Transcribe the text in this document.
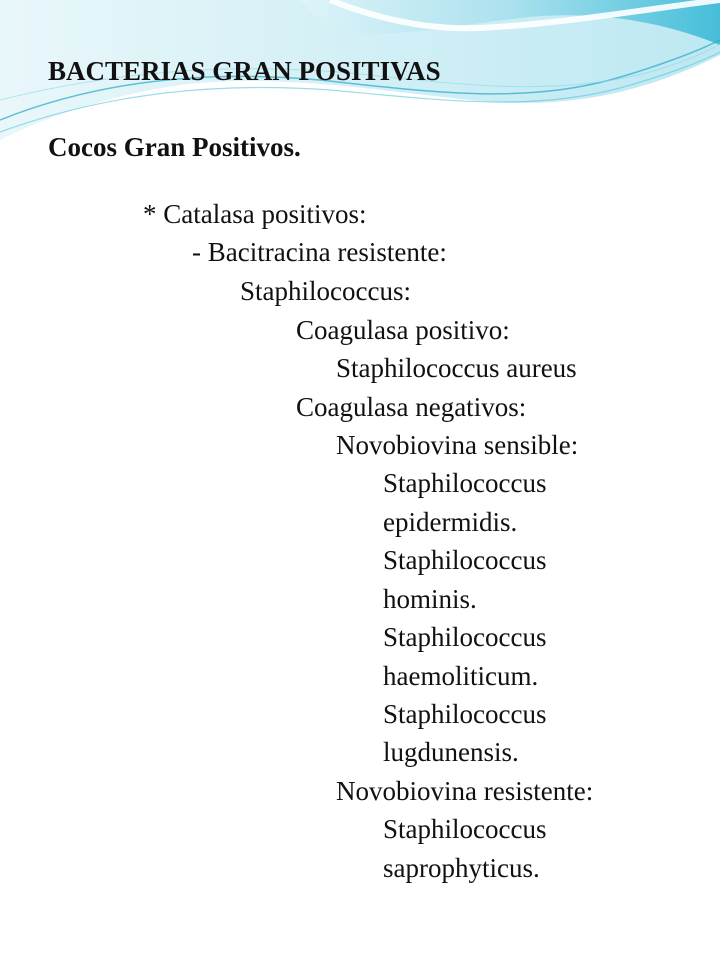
BACTERIAS GRAN POSITIVAS
Cocos Gran Positivos.
* Catalasa positivos:
- Bacitracina resistente:
Staphilococcus:
Coagulasa positivo:
Staphilococcus aureus
Coagulasa negativos:
Novobiovina sensible:
Staphilococcus
epidermidis.
Staphilococcus
hominis.
Staphilococcus
haemoliticum.
Staphilococcus
lugdunensis.
Novobiovina resistente:
Staphilococcus
saprophyticus.
